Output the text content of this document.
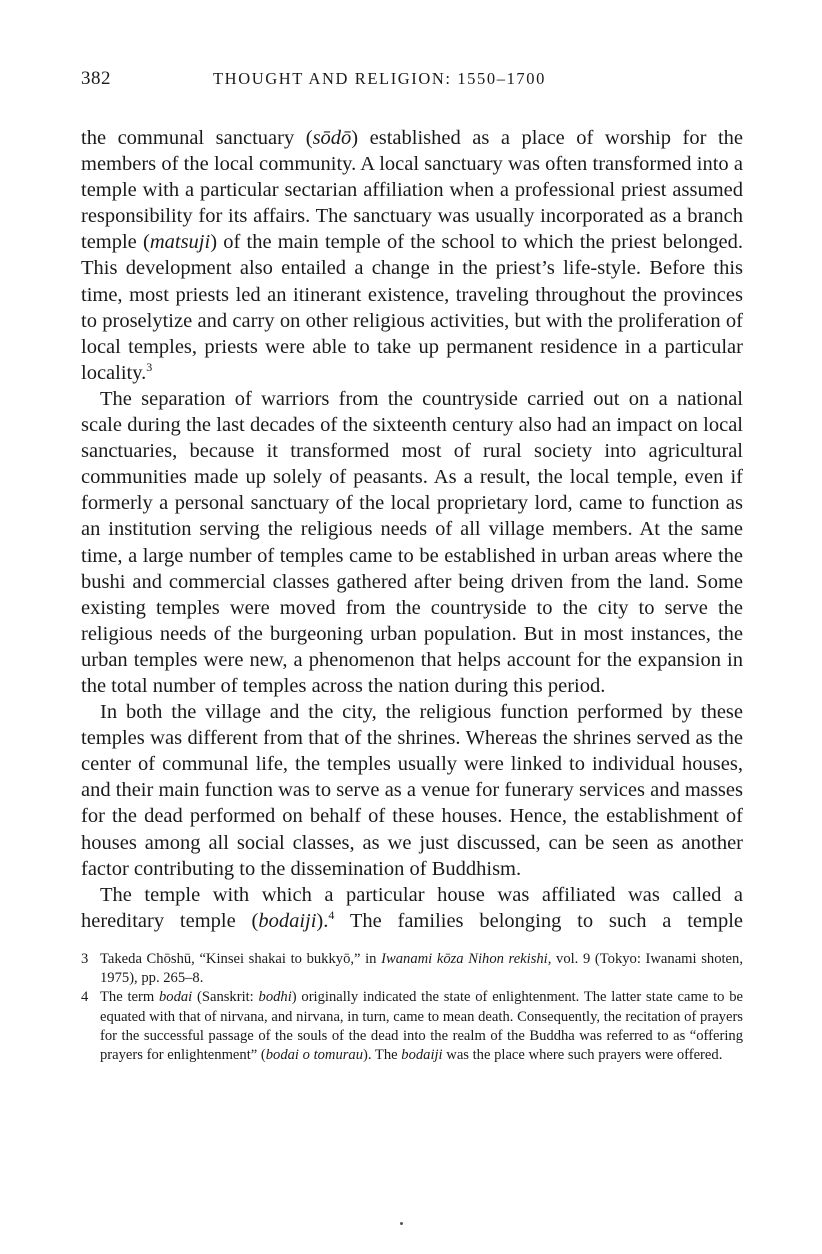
382	THOUGHT AND RELIGION: 1550–1700

the communal sanctuary (sōdō) established as a place of worship for the members of the local community. A local sanctuary was often transformed into a temple with a particular sectarian affiliation when a professional priest assumed responsibility for its affairs. The sanctuary was usually incorporated as a branch temple (matsuji) of the main temple of the school to which the priest belonged. This development also entailed a change in the priest’s life-style. Before this time, most priests led an itinerant existence, traveling throughout the provinces to proselytize and carry on other religious activities, but with the proliferation of local temples, priests were able to take up permanent residence in a particular locality.$^3$

The separation of warriors from the countryside carried out on a national scale during the last decades of the sixteenth century also had an impact on local sanctuaries, because it transformed most of rural society into agricultural communities made up solely of peasants. As a result, the local temple, even if formerly a personal sanctuary of the local proprietary lord, came to function as an institution serving the religious needs of all village members. At the same time, a large number of temples came to be established in urban areas where the bushi and commercial classes gathered after being driven from the land. Some existing temples were moved from the countryside to the city to serve the religious needs of the burgeoning urban population. But in most instances, the urban temples were new, a phenomenon that helps account for the expansion in the total number of temples across the nation during this period.

In both the village and the city, the religious function performed by these temples was different from that of the shrines. Whereas the shrines served as the center of communal life, the temples usually were linked to individual houses, and their main function was to serve as a venue for funerary services and masses for the dead performed on behalf of these houses. Hence, the establishment of houses among all social classes, as we just discussed, can be seen as another factor contributing to the dissemination of Buddhism.

The temple with which a particular house was affiliated was called a hereditary temple (bodaiji).$^4$ The families belonging to such a temple

3 Takeda Chōshū, “Kinsei shakai to bukkyō,” in Iwanami kōza Nihon rekishi, vol. 9 (Tokyo: Iwanami shoten, 1975), pp. 265–8.
4 The term bodai (Sanskrit: bodhi) originally indicated the state of enlightenment. The latter state came to be equated with that of nirvana, and nirvana, in turn, came to mean death. Consequently, the recitation of prayers for the successful passage of the souls of the dead into the realm of the Buddha was referred to as “offering prayers for enlightenment” (bodai o tomurau). The bodaiji was the place where such prayers were offered.
